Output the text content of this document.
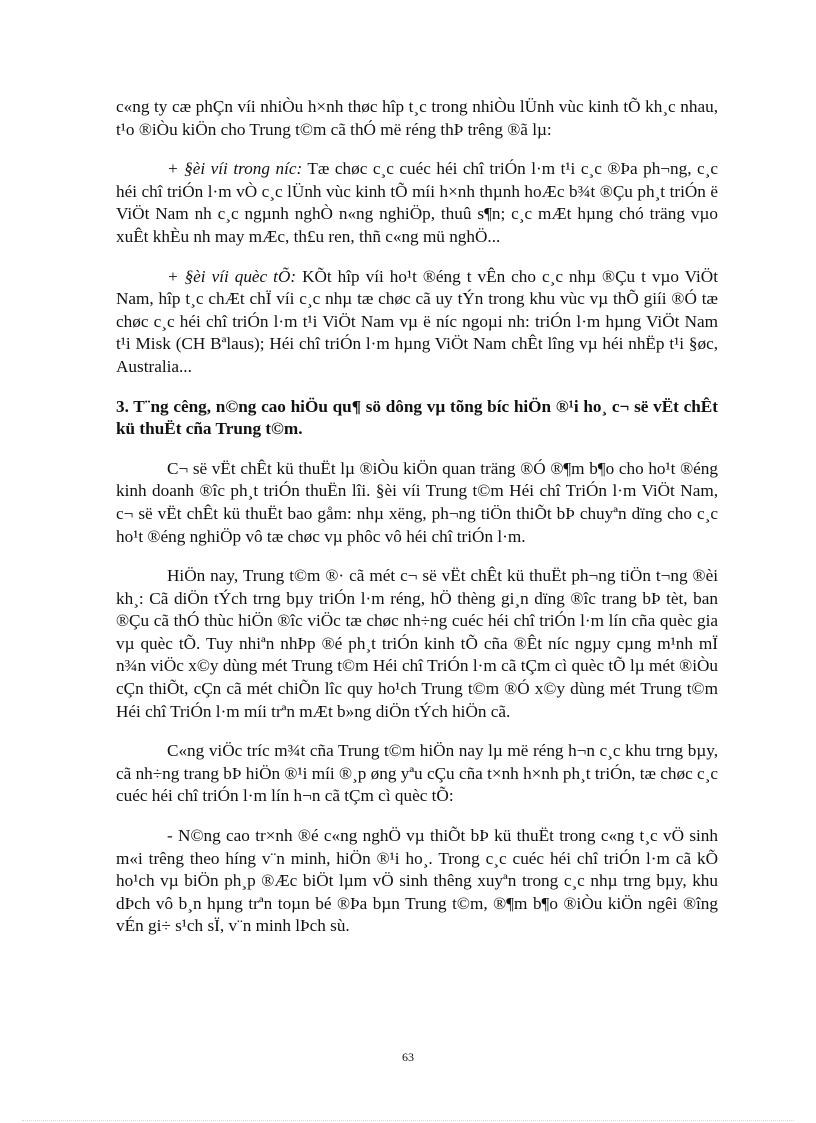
c«ng ty cæ phÇn víi nhiÒu h×nh thøc hîp t¸c trong nhiÒu lÜnh vùc kinh tÕ kh¸c nhau, t¹o ®iÒu kiÖn cho Trung t©m cã thÓ më réng thÞ trêng ®ã lµ:

+ §èi víi trong níc: Tæ chøc c¸c cuéc héi chî triÓn l·m t¹i c¸c ®Þa ph¬ng, c¸c héi chî triÓn l·m vÒ c¸c lÜnh vùc kinh tÕ míi h×nh thµnh hoÆc b¾t ®Çu ph¸t triÓn ë ViÖt Nam nh c¸c ngµnh nghÒ n«ng nghiÖp, thuû s¶n; c¸c mÆt hµng chó träng vµo xuÊt khÈu nh may mÆc, th£u ren, thñ c«ng mü nghÖ...

+ §èi víi quèc tÕ: KÕt hîp víi ho¹t ®éng t vÊn cho c¸c nhµ ®Çu t vµo ViÖt Nam, hîp t¸c chÆt chÏ víi c¸c nhµ tæ chøc cã uy tÝn trong khu vùc vµ thÕ giíi ®Ó tæ chøc c¸c héi chî triÓn l·m t¹i ViÖt Nam vµ ë níc ngoµi nh: triÓn l·m hµng ViÖt Nam t¹i Misk (CH Bªlaus); Héi chî triÓn l·m hµng ViÖt Nam chÊt lîng vµ héi nhËp t¹i §øc, Australia...

3. T¨ng cêng, n©ng cao hiÖu qu¶ sö dông vµ tõng bíc hiÖn ®¹i ho¸ c¬ së vËt chÊt kü thuËt cña Trung t©m.

C¬ së vËt chÊt kü thuËt lµ ®iÒu kiÖn quan träng ®Ó ®¶m b¶o cho ho¹t ®éng kinh doanh ®îc ph¸t triÓn thuËn lîi. §èi víi Trung t©m Héi chî TriÓn l·m ViÖt Nam, c¬ së vËt chÊt kü thuËt bao gåm: nhµ xëng, ph¬ng tiÖn thiÕt bÞ chuyªn dïng cho c¸c ho¹t ®éng nghiÖp vô tæ chøc vµ phôc vô héi chî triÓn l·m.

HiÖn nay, Trung t©m ®· cã mét c¬ së vËt chÊt kü thuËt ph¬ng tiÖn t¬ng ®èi kh¸: Cã diÖn tÝch trng bµy triÓn l·m réng, hÖ thèng gi¸n dïng ®îc trang bÞ tèt, ban ®Çu cã thÓ thùc hiÖn ®îc viÖc tæ chøc nh÷ng cuéc héi chî triÓn l·m lín cña quèc gia vµ quèc tÕ. Tuy nhiªn nhÞp ®é ph¸t triÓn kinh tÕ cña ®Êt níc ngµy cµng m¹nh mÏ n¾n viÖc x©y dùng mét Trung t©m Héi chî TriÓn l·m cã tÇm cì quèc tÕ lµ mét ®iÒu cÇn thiÕt, cÇn cã mét chiÕn lîc quy ho¹ch Trung t©m ®Ó x©y dùng mét Trung t©m Héi chî TriÓn l·m míi trªn mÆt b»ng diÖn tÝch hiÖn cã.

C«ng viÖc tríc m¾t cña Trung t©m hiÖn nay lµ më réng h¬n c¸c khu trng bµy, cã nh÷ng trang bÞ hiÖn ®¹i míi ®¸p øng yªu cÇu cña t×nh h×nh ph¸t triÓn, tæ chøc c¸c cuéc héi chî triÓn l·m lín h¬n cã tÇm cì quèc tÕ:

- N©ng cao tr×nh ®é c«ng nghÖ vµ thiÕt bÞ kü thuËt trong c«ng t¸c vÖ sinh m«i trêng theo híng v¨n minh, hiÖn ®¹i ho¸. Trong c¸c cuéc héi chî triÓn l·m cã kÕ ho¹ch vµ biÖn ph¸p ®Æc biÖt lµm vÖ sinh thêng xuyªn trong c¸c nhµ trng bµy, khu dÞch vô b¸n hµng trªn toµn bé ®Þa bµn Trung t©m, ®¶m b¶o ®iÒu kiÖn ngêi ®îng vÉn gi÷ s¹ch sÏ, v¨n minh lÞch sù.

63
